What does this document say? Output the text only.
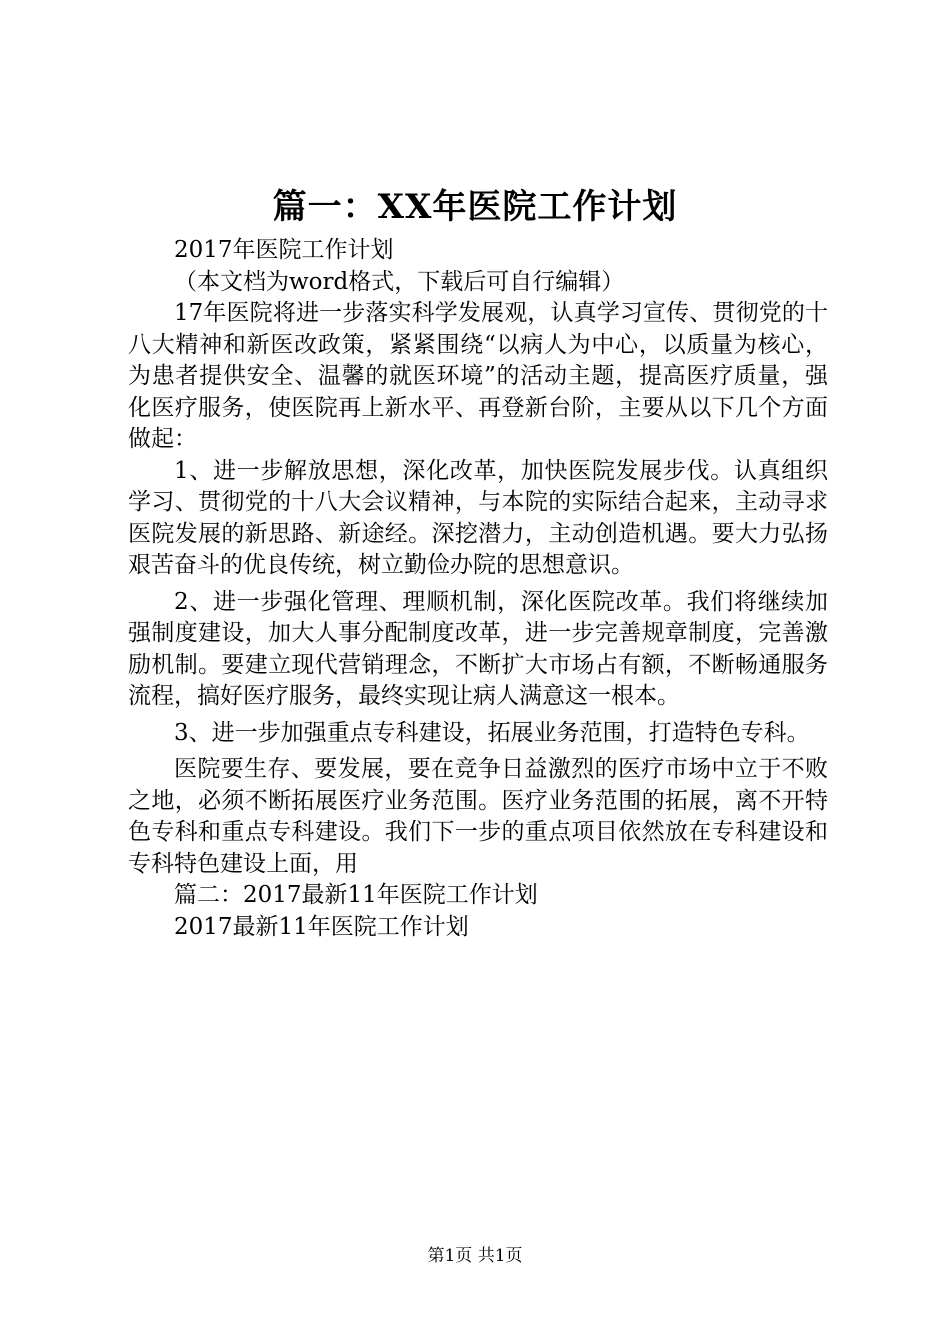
篇一：XX年医院工作计划

2017年医院工作计划

（本文档为word格式，下载后可自行编辑）

17年医院将进一步落实科学发展观，认真学习宣传、贯彻党的十八大精神和新医改政策，紧紧围绕“以病人为中心，以质量为核心，为患者提供安全、温馨的就医环境”的活动主题，提高医疗质量，强化医疗服务，使医院再上新水平、再登新台阶，主要从以下几个方面做起：

1、进一步解放思想，深化改革，加快医院发展步伐。认真组织学习、贯彻党的十八大会议精神，与本院的实际结合起来，主动寻求医院发展的新思路、新途经。深挖潜力，主动创造机遇。要大力弘扬艰苦奋斗的优良传统，树立勤俭办院的思想意识。

2、进一步强化管理、理顺机制，深化医院改革。我们将继续加强制度建设，加大人事分配制度改革，进一步完善规章制度，完善激励机制。要建立现代营销理念，不断扩大市场占有额，不断畅通服务流程，搞好医疗服务，最终实现让病人满意这一根本。

3、进一步加强重点专科建设，拓展业务范围，打造特色专科。

医院要生存、要发展，要在竞争日益激烈的医疗市场中立于不败之地，必须不断拓展医疗业务范围。医疗业务范围的拓展，离不开特色专科和重点专科建设。我们下一步的重点项目依然放在专科建设和专科特色建设上面，用

篇二：2017最新11年医院工作计划

2017最新11年医院工作计划

第1页 共1页
